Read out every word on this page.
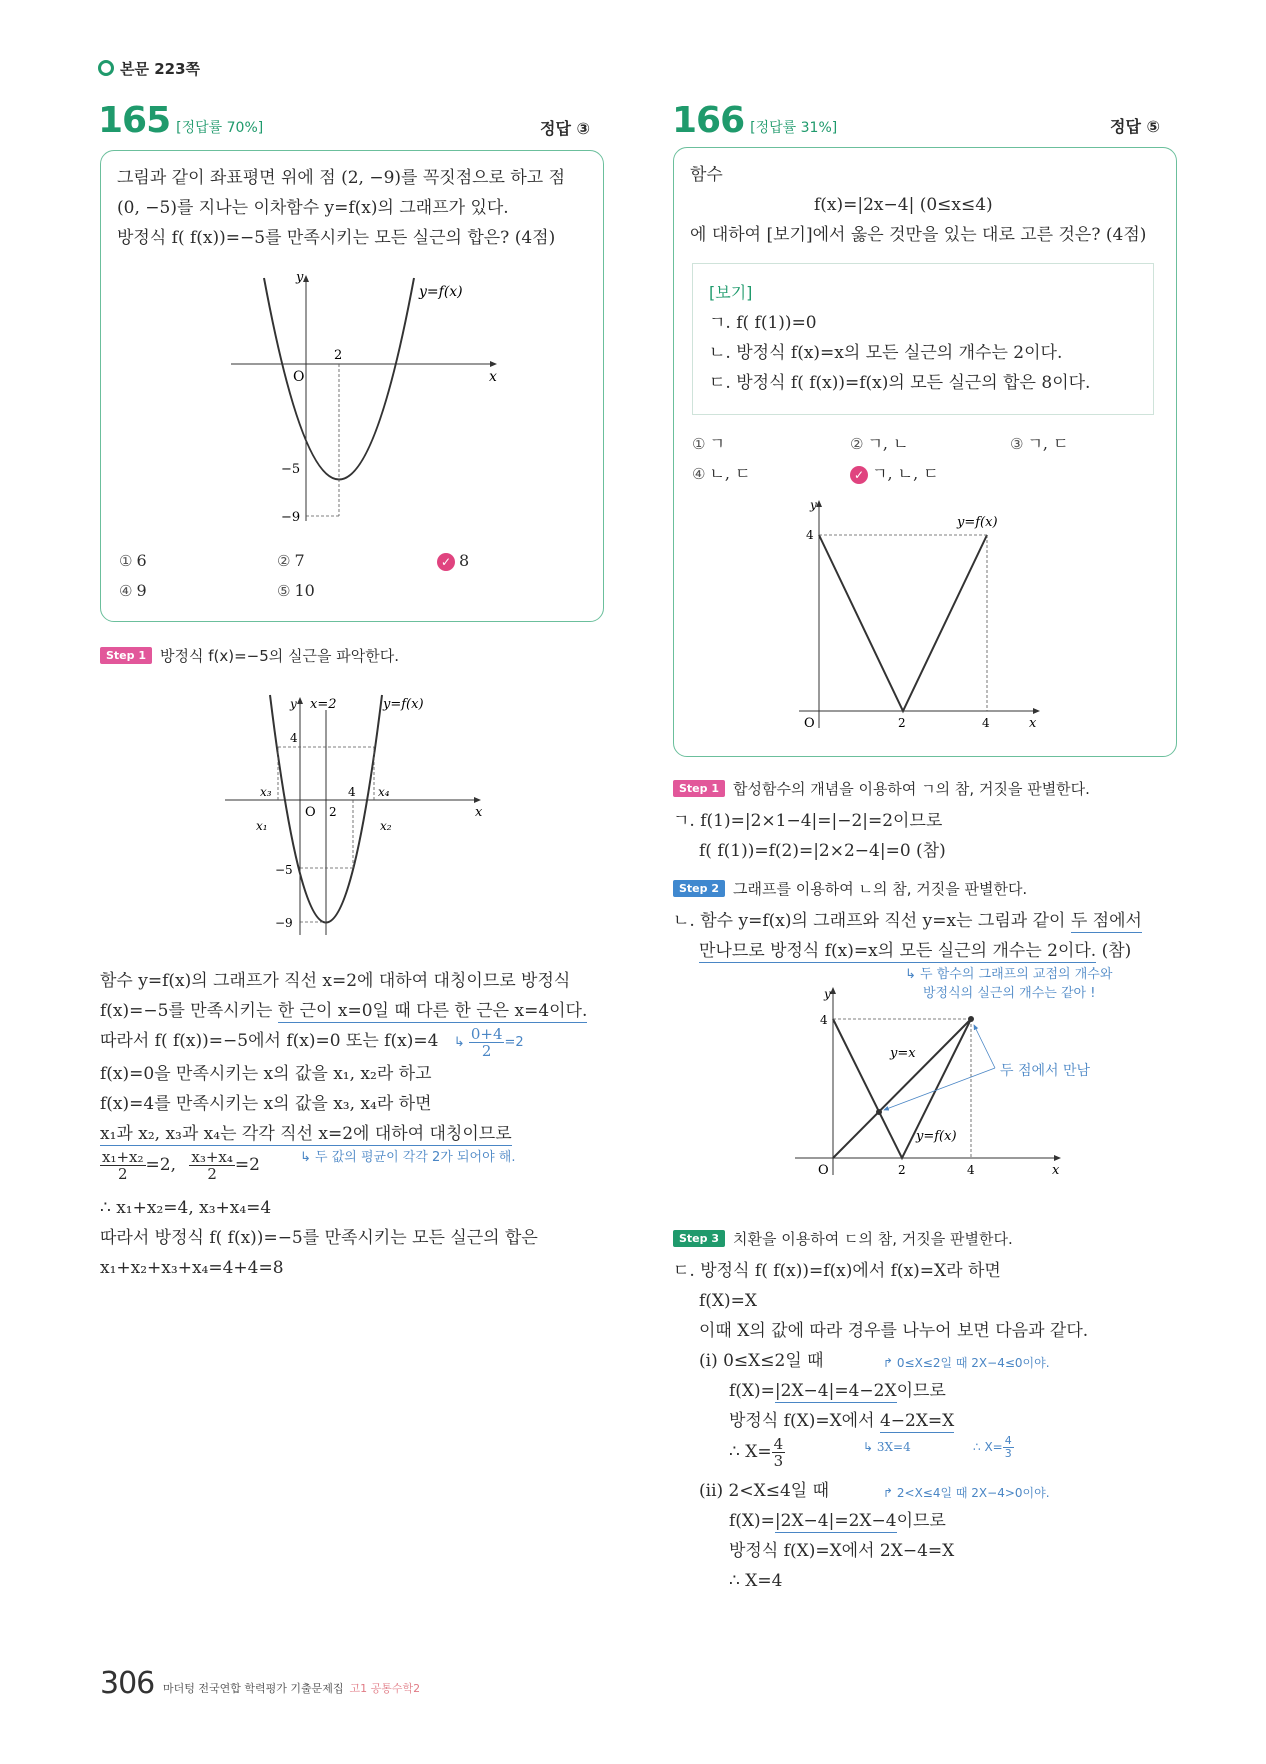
본문 223쪽
165 [정답률 70%]	정답 ③
그림과 같이 좌표평면 위에 점 (2, −9)를 꼭짓점으로 하고 점
(0, −5)를 지나는 이차함수 y=f(x)의 그래프가 있다.
방정식 f( f(x))=−5를 만족시키는 모든 실근의 합은? (4점)
y
x
O
y=f(x)
2
−5
−9
① 6	② 7	✓ 8
④ 9	⑤ 10
Step 1 방정식 f(x)=−5의 실근을 파악한다.
y x=2	y=f(x)
x
O 2
4
4
−5
−9
x₃	x₄
x₁	x₂
함수 y=f(x)의 그래프가 직선 x=2에 대하여 대칭이므로 방정식
f(x)=−5를 만족시키는 한 근이 x=0일 때 다른 한 근은 x=4이다.
따라서 f( f(x))=−5에서 f(x)=0 또는 f(x)=4 ↳ $\frac{0+4}{2} =2$
f(x)=0을 만족시키는 x의 값을 x₁, x₂라 하고
f(x)=4를 만족시키는 x의 값을 x₃, x₄라 하면
x₁과 x₂, x₃과 x₄는 각각 직선 x=2에 대하여 대칭이므로
↳ 두 값의 평균이 각각 2가 되어야 해.
$\frac{\text{x₁+x₂}}{2} =2$, $\frac{\text{x₃+x₄}}{2} =2$
∴ x₁+x₂=4, x₃+x₄=4
따라서 방정식 f( f(x))=−5를 만족시키는 모든 실근의 합은
x₁+x₂+x₃+x₄=4+4=8
166 [정답률 31%]	정답 ⑤
함수
f(x)=|2x−4| (0≤x≤4)
에 대하여 [보기]에서 옳은 것만을 있는 대로 고른 것은? (4점)
[보기]
ㄱ. f( f(1))=0
ㄴ. 방정식 f(x)=x의 모든 실근의 개수는 2이다.
ㄷ. 방정식 f( f(x))=f(x)의 모든 실근의 합은 8이다.
① ㄱ	② ㄱ, ㄴ	③ ㄱ, ㄷ
④ ㄴ, ㄷ	✓ ㄱ, ㄴ, ㄷ
y
x
O	2	4
4
y=f(x)
Step 1 합성함수의 개념을 이용하여 ㄱ의 참, 거짓을 판별한다.
ㄱ. f(1)=|2×1−4|=|−2|=2이므로
f( f(1))=f(2)=|2×2−4|=0 (참)
Step 2 그래프를 이용하여 ㄴ의 참, 거짓을 판별한다.
ㄴ. 함수 y=f(x)의 그래프와 직선 y=x는 그림과 같이 두 점에서
만나므로 방정식 f(x)=x의 모든 실근의 개수는 2이다. (참)
↳ 두 함수의 그래프의 교점의 개수와
방정식의 실근의 개수는 같아 !
y
x
O	2	4
4
y=x
y=f(x)
두 점에서 만남
Step 3 치환을 이용하여 ㄷ의 참, 거짓을 판별한다.
ㄷ. 방정식 f( f(x))=f(x)에서 f(x)=X라 하면
f(X)=X
이때 X의 값에 따라 경우를 나누어 보면 다음과 같다.
(i) 0≤X≤2일 때	↱ 0≤X≤2일 때 2X−4≤0이야.
f(X)=|2X−4|=4−2X이므로
방정식 f(X)=X에서 4−2X=X
∴ $X= \frac{4}{3}$	↳ 3X=4	∴ $X= \frac{4}{3}$
(ii) 2<X≤4일 때	↱ 2<X≤4일 때 2X−4>0이야.
f(X)=|2X−4|=2X−4이므로
방정식 f(X)=X에서 2X−4=X
∴ X=4
306 마더텅 전국연합 학력평가 기출문제집 고1 공통수학2
